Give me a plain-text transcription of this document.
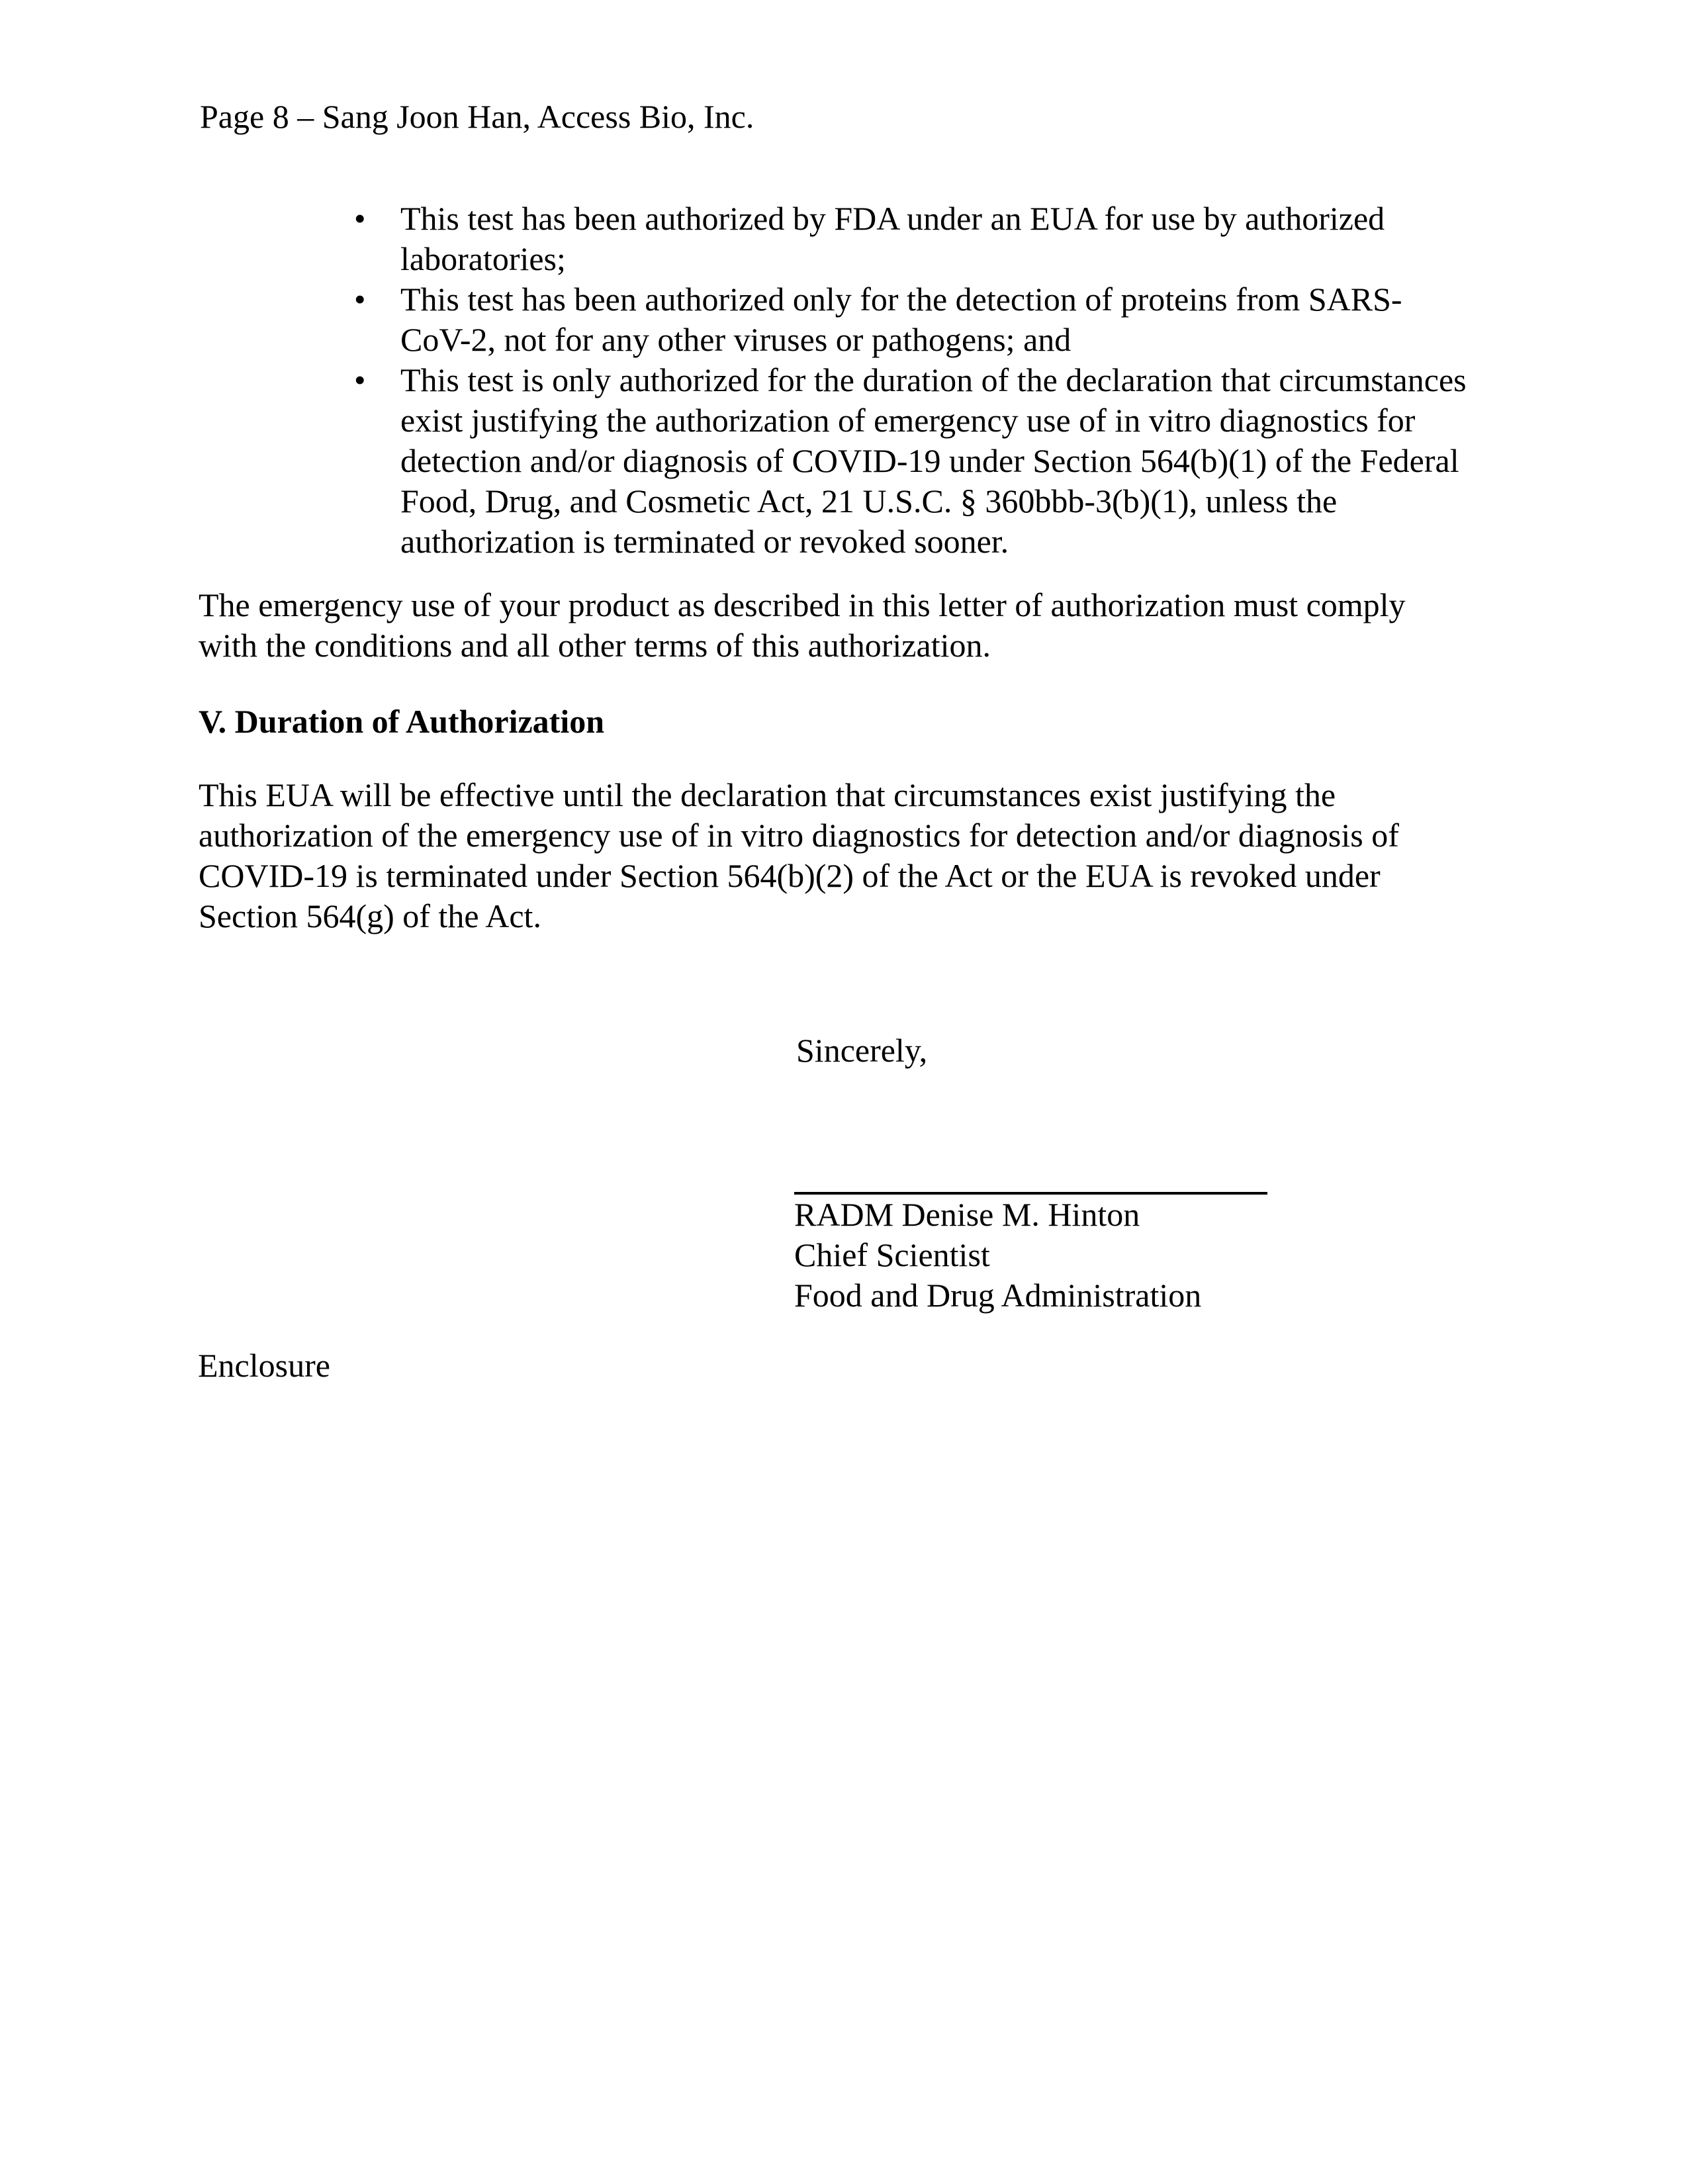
Page 8 – Sang Joon Han, Access Bio, Inc.
•	This test has been authorized by FDA under an EUA for use by authorized
laboratories;
•	This test has been authorized only for the detection of proteins from SARS-
CoV-2, not for any other viruses or pathogens; and
•	This test is only authorized for the duration of the declaration that circumstances
exist justifying the authorization of emergency use of in vitro diagnostics for
detection and/or diagnosis of COVID-19 under Section 564(b)(1) of the Federal
Food, Drug, and Cosmetic Act, 21 U.S.C. § 360bbb-3(b)(1), unless the
authorization is terminated or revoked sooner.
The emergency use of your product as described in this letter of authorization must comply
with the conditions and all other terms of this authorization.
V. Duration of Authorization
This EUA will be effective until the declaration that circumstances exist justifying the
authorization of the emergency use of in vitro diagnostics for detection and/or diagnosis of
COVID-19 is terminated under Section 564(b)(2) of the Act or the EUA is revoked under
Section 564(g) of the Act.
Sincerely,
RADM Denise M. Hinton
Chief Scientist
Food and Drug Administration
Enclosure
